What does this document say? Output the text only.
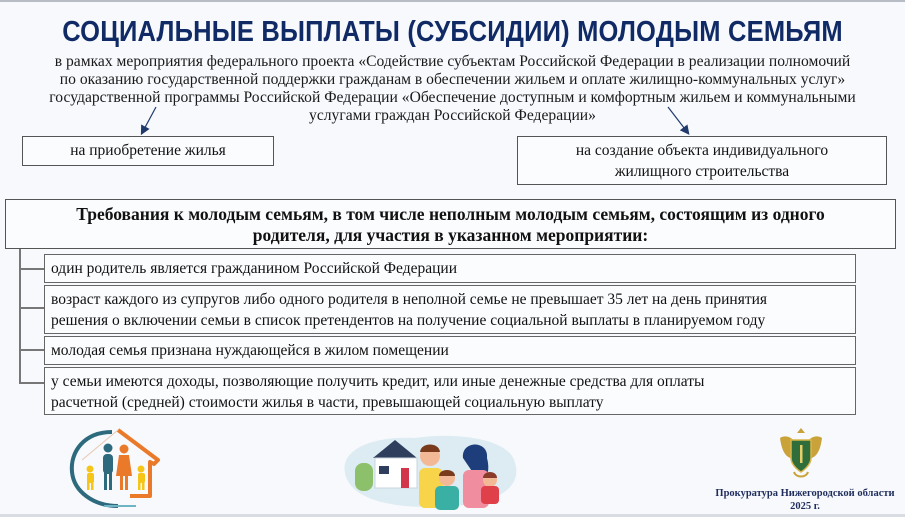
СОЦИАЛЬНЫЕ ВЫПЛАТЫ (СУБСИДИИ) МОЛОДЫМ СЕМЬЯМ
в рамках мероприятия федерального проекта «Содействие субъектам Российской Федерации в реализации полномочий
по оказанию государственной поддержки гражданам в обеспечении жильем и оплате жилищно-коммунальных услуг»
государственной программы Российской Федерации «Обеспечение доступным и комфортным жильем и коммунальными
услугами граждан Российской Федерации»
на приобретение жилья	на создание объекта индивидуального
жилищного строительства
Требования к молодым семьям, в том числе неполным молодым семьям, состоящим из одного
родителя, для участия в указанном мероприятии:
один родитель является гражданином Российской Федерации
возраст каждого из супругов либо одного родителя в неполной семье не превышает 35 лет на день принятия
решения о включении семьи в список претендентов на получение социальной выплаты в планируемом году
молодая семья признана нуждающейся в жилом помещении
у семьи имеются доходы, позволяющие получить кредит, или иные денежные средства для оплаты
расчетной (средней) стоимости жилья в части, превышающей социальную выплату
Прокуратура Нижегородской области
2025 г.
